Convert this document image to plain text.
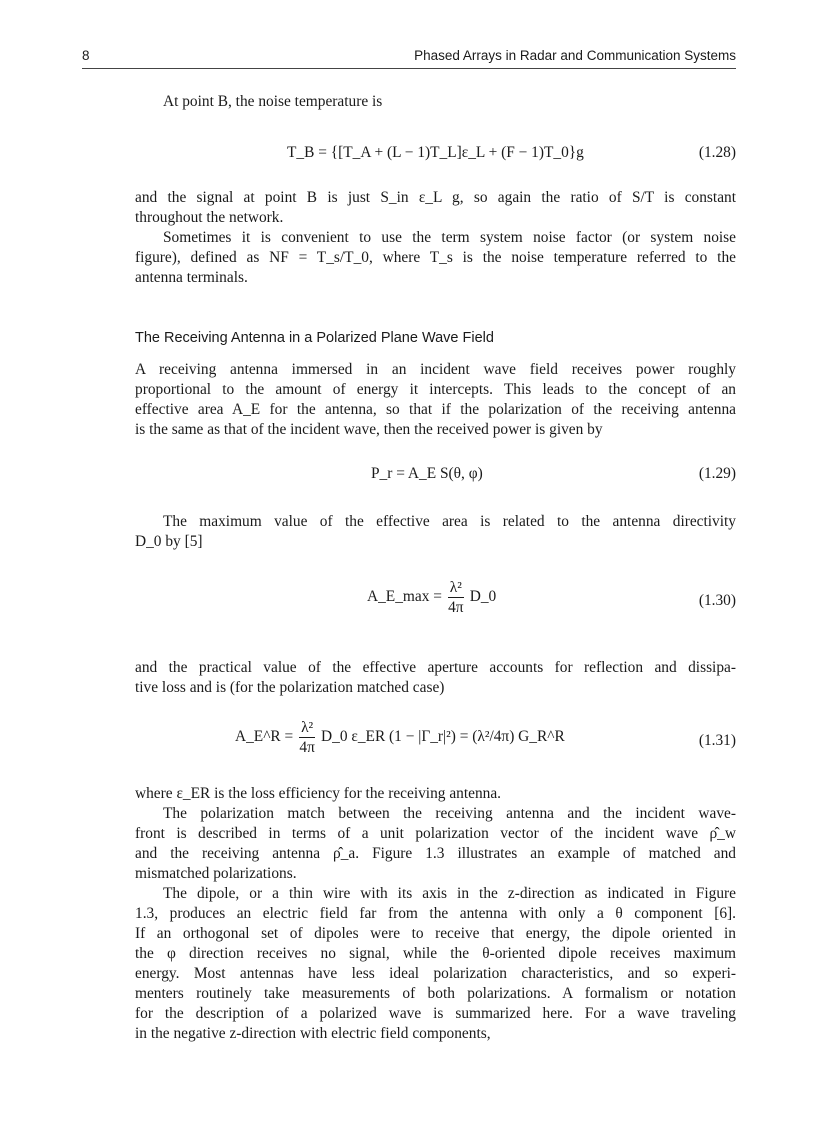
8	Phased Arrays in Radar and Communication Systems

At point B, the noise temperature is

T_B = {[T_A + (L − 1)T_L]ε_L + (F − 1)T_0}g	(1.28)

and the signal at point B is just S_in ε_L g, so again the ratio of S/T is constant
throughout the network.

Sometimes it is convenient to use the term system noise factor (or system noise
figure), defined as NF = T_s/T_0, where T_s is the noise temperature referred to the
antenna terminals.

The Receiving Antenna in a Polarized Plane Wave Field

A receiving antenna immersed in an incident wave field receives power roughly
proportional to the amount of energy it intercepts. This leads to the concept of an
effective area A_E for the antenna, so that if the polarization of the receiving antenna
is the same as that of the incident wave, then the received power is given by

P_r = A_E S(θ, φ)	(1.29)

The maximum value of the effective area is related to the antenna directivity
D_0 by [5]

A_E_max = $\frac{\text{λ²}}{4\pi}$ D_0	(1.30)

and the practical value of the effective aperture accounts for reflection and dissipa-
tive loss and is (for the polarization matched case)

A_E^R = $\frac{\text{λ²}}{4\pi}$ D_0 ε_ER (1 − |Γ_r|²) = (λ²/4π) G_R^R	(1.31)

where ε_ER is the loss efficiency for the receiving antenna.

The polarization match between the receiving antenna and the incident wave-
front is described in terms of a unit polarization vector of the incident wave ρ̂_w
and the receiving antenna ρ̂_a. Figure 1.3 illustrates an example of matched and
mismatched polarizations.

The dipole, or a thin wire with its axis in the z-direction as indicated in Figure
1.3, produces an electric field far from the antenna with only a θ component [6].
If an orthogonal set of dipoles were to receive that energy, the dipole oriented in
the φ direction receives no signal, while the θ-oriented dipole receives maximum
energy. Most antennas have less ideal polarization characteristics, and so experi-
menters routinely take measurements of both polarizations. A formalism or notation
for the description of a polarized wave is summarized here. For a wave traveling
in the negative z-direction with electric field components,
